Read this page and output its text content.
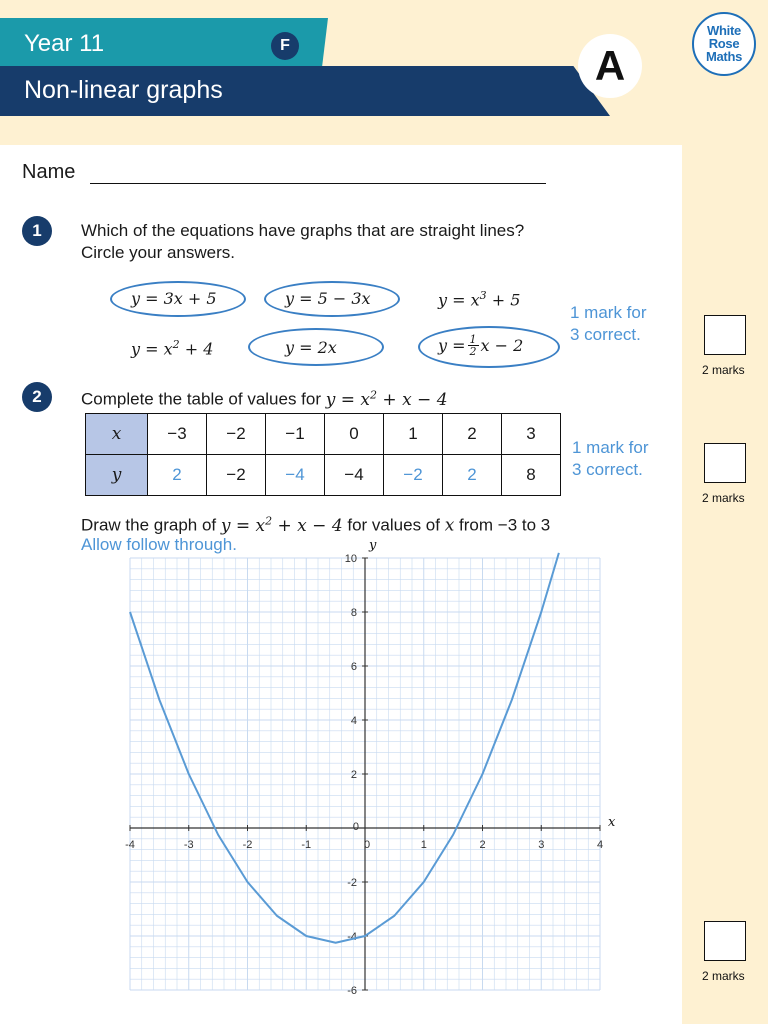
Year 11	F
Non-linear graphs
A
White
Rose
Maths
Name
1	Which of the equations have graphs that are straight lines?
Circle your answers.
y = 3x + 5	y = 5 − 3x	$y = x^3 + 5$
$y = x^2 + 4$	y = 2x	$y = \frac{1}{2}$ x − 2
1 mark for
3 correct.
2 marks
2	Complete the table of values for $y = x^2 + x - 4$
x	−3	−2	−1	0	1	2	3
y	2	−2	−4	−4	−2	2	8
1 mark for
3 correct.
2 marks
Draw the graph of $y = x^2 + x - 4$ for values of x from −3 to 3
Allow follow through.
-4	-3	-2	-1	0	1	2	3	4
-6
-4
-2
0
2
4
6
8
10
x
y
2 marks
